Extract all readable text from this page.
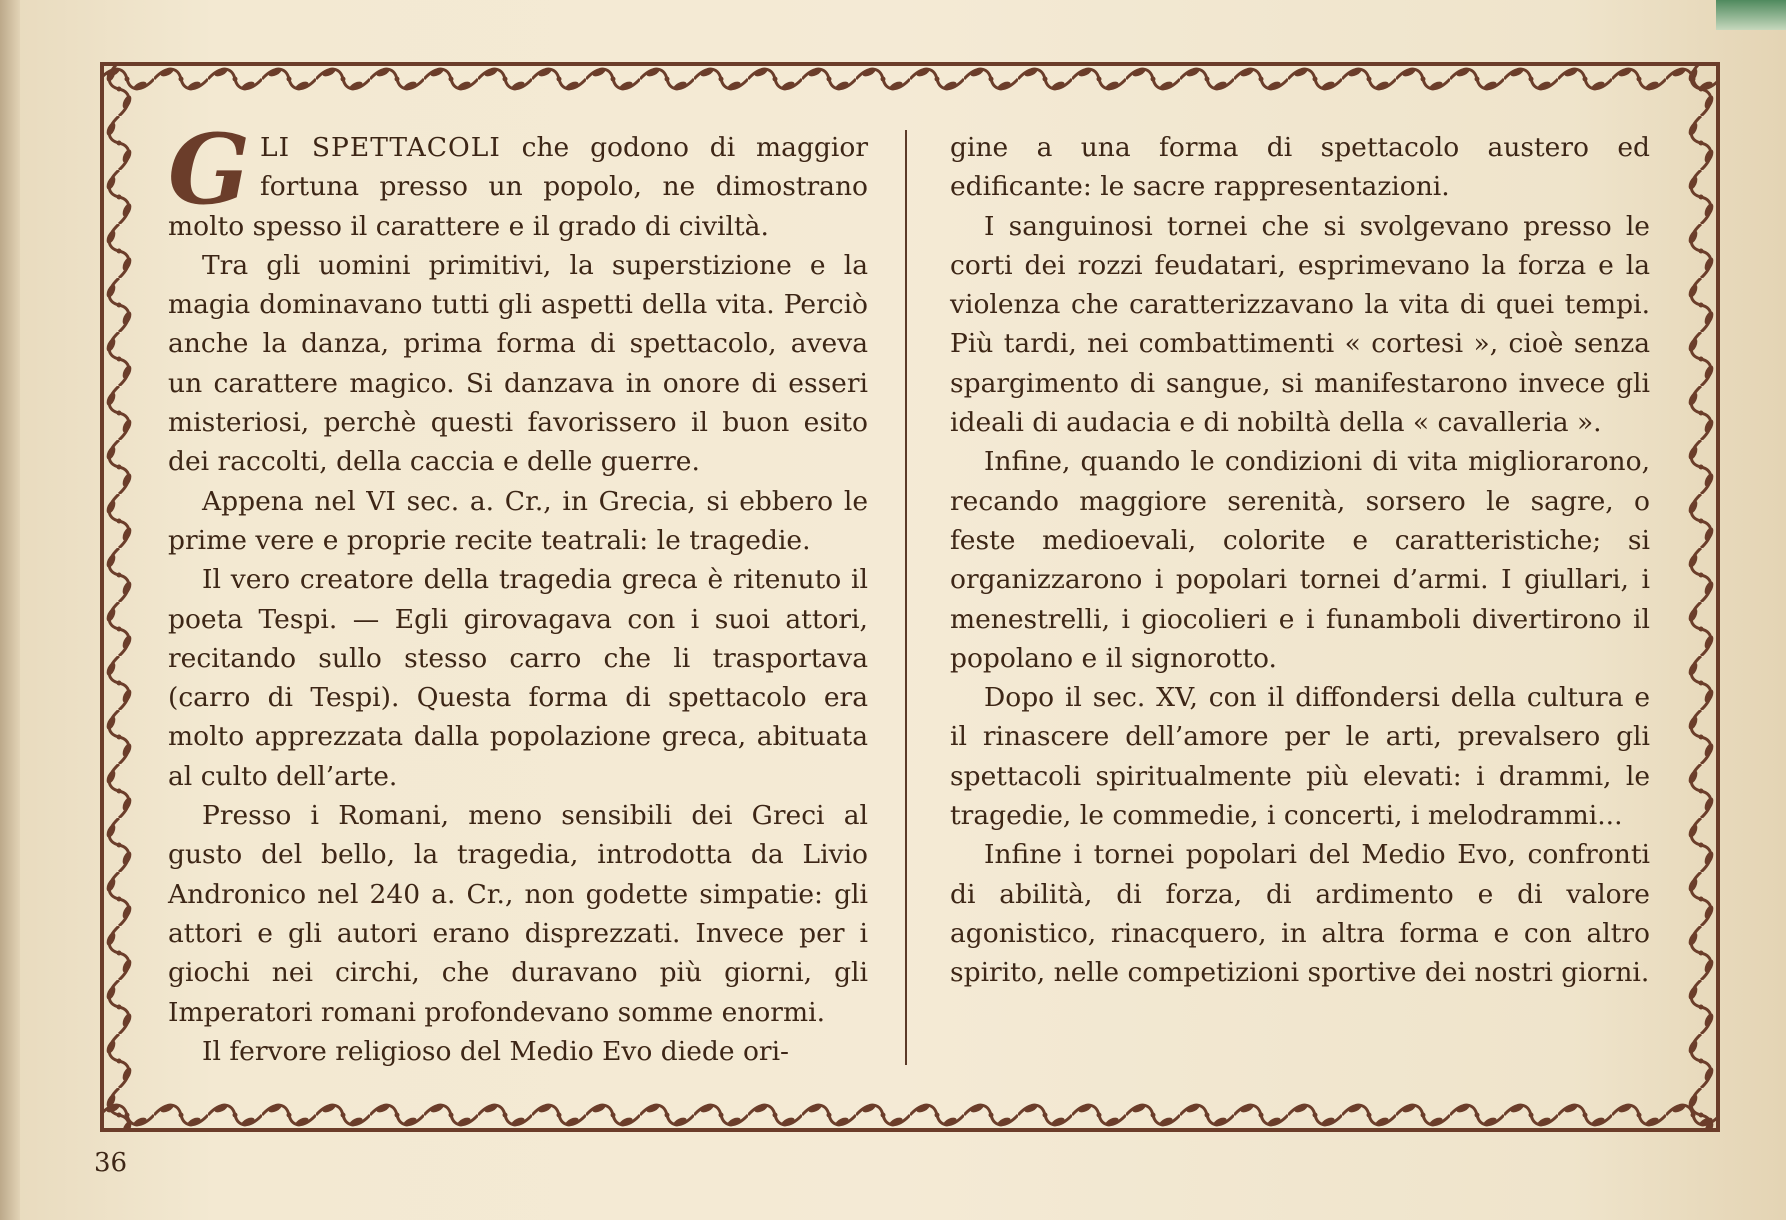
GLI SPETTACOLI che godono di maggior fortuna presso un popolo, ne dimostrano molto spesso il carattere e il grado di civiltà.

Tra gli uomini primitivi, la superstizione e la magia dominavano tutti gli aspetti della vita. Perciò anche la danza, prima forma di spettacolo, aveva un carattere magico. Si danzava in onore di esseri misteriosi, perchè questi favorissero il buon esito dei raccolti, della caccia e delle guerre.

Appena nel VI sec. a. Cr., in Grecia, si ebbero le prime vere e proprie recite teatrali: le tragedie.

Il vero creatore della tragedia greca è ritenuto il poeta Tespi. — Egli girovagava con i suoi attori, recitando sullo stesso carro che li trasportava (carro di Tespi). Questa forma di spettacolo era molto apprezzata dalla popolazione greca, abituata al culto dell’arte.

Presso i Romani, meno sensibili dei Greci al gusto del bello, la tragedia, introdotta da Livio Andronico nel 240 a. Cr., non godette simpatie: gli attori e gli autori erano disprezzati. Invece per i giochi nei circhi, che duravano più giorni, gli Imperatori romani profondevano somme enormi.

Il fervore religioso del Medio Evo diede ori-

gine a una forma di spettacolo austero ed edificante: le sacre rappresentazioni.

I sanguinosi tornei che si svolgevano presso le corti dei rozzi feudatari, esprimevano la forza e la violenza che caratterizzavano la vita di quei tempi. Più tardi, nei combattimenti « cortesi », cioè senza spargimento di sangue, si manifestarono invece gli ideali di audacia e di nobiltà della « cavalleria ».

Infine, quando le condizioni di vita migliorarono, recando maggiore serenità, sorsero le sagre, o feste medioevali, colorite e caratteristiche; si organizzarono i popolari tornei d’armi. I giullari, i menestrelli, i giocolieri e i funamboli divertirono il popolano e il signorotto.

Dopo il sec. XV, con il diffondersi della cultura e il rinascere dell’amore per le arti, prevalsero gli spettacoli spiritualmente più elevati: i drammi, le tragedie, le commedie, i concerti, i melodrammi...

Infine i tornei popolari del Medio Evo, confronti di abilità, di forza, di ardimento e di valore agonistico, rinacquero, in altra forma e con altro spirito, nelle competizioni sportive dei nostri giorni.

36
